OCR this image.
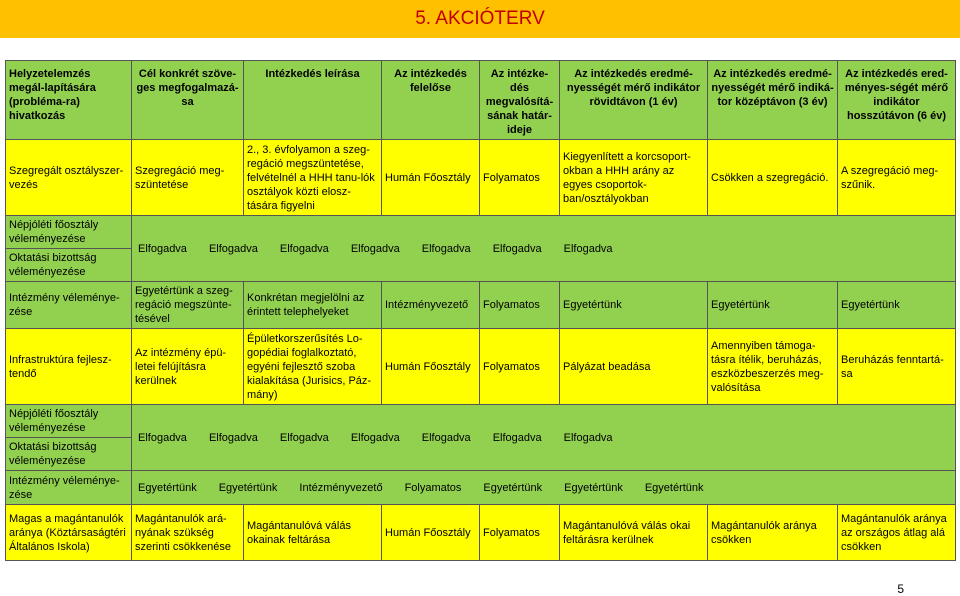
5. AKCIÓTERV
Helyzetelemzés megál-lapítására (probléma-ra) hivatkozás	Cél konkrét szöve-ges megfogalmazá-sa	Intézkedés leírása	Az intézkedés felelőse	Az intézke-dés megvalósítá-sának határ-ideje	Az intézkedés eredmé-nyességét mérő indikátor rövidtávon (1 év)	Az intézkedés eredmé-nyességét mérő indiká-tor középtávon (3 év)	Az intézkedés ered-ményes-ségét mérő indikátor hosszútávon (6 év)
Szegregált osztályszer-vezés	Szegregáció meg-szüntetése	2., 3. évfolyamon a szeg-regáció megszüntetése, felvételnél a HHH tanu-lók osztályok közti elosz-tására figyelni	Humán Főosztály	Folyamatos	Kiegyenlített a korcsoport-okban a HHH arány az egyes csoportok-ban/osztályokban	Csökken a szegregáció.	A szegregáció meg-szűnik.
Népjóléti főosztály véleményezése	Elfogadva Elfogadva Elfogadva Elfogadva Elfogadva Elfogadva Elfogadva						
Oktatási bizottság véleményezése							
Intézmény véleménye-zése	Egyetértünk a szeg-regáció megszünte-tésével	Konkrétan megjelölni az érintett telephelyeket	Intézményvezető	Folyamatos	Egyetértünk	Egyetértünk	Egyetértünk
Infrastruktúra fejlesz-tendő	Az intézmény épü-letei felújításra kerülnek	Épületkorszerűsítés Lo-gopédiai foglalkoztató, egyéni fejlesztő szoba kialakítása (Jurisics, Páz-mány)	Humán Főosztály	Folyamatos	Pályázat beadása	Amennyiben támoga-tásra ítélik, beruházás, eszközbeszerzés meg-valósítása	Beruházás fenntartá-sa
Népjóléti főosztály véleményezése	Elfogadva Elfogadva Elfogadva Elfogadva Elfogadva Elfogadva Elfogadva						
Oktatási bizottság véleményezése							
Intézmény véleménye-zése	Egyetértünk Egyetértünk Intézményvezető Folyamatos Egyetértünk Egyetértünk Egyetértünk						
Magas a magántanulók aránya (Köztársaságtéri Általános Iskola)	Magántanulók ará-nyának szükség szerinti csökkenése	Magántanulóvá válás okainak feltárása	Humán Főosztály	Folyamatos	Magántanulóvá válás okai feltárásra kerülnek	Magántanulók aránya csökken	Magántanulók aránya az országos átlag alá csökken
5
